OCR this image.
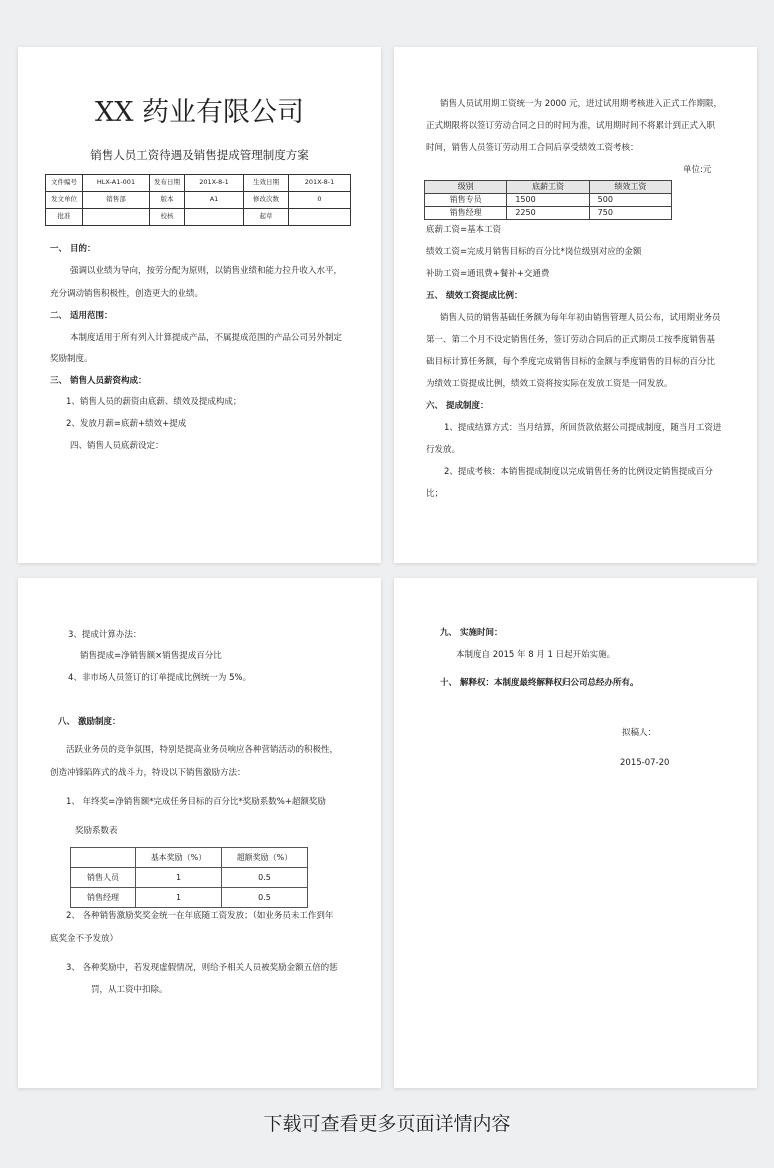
XX 药业有限公司
销售人员工资待遇及销售提成管理制度方案
文件编号	HLX-A1-001	发布日期	201X-8-1	生效日期	201X-8-1
发文单位	销售部	版本	A1	修改次数	0
批准		校核		起草	
一、 目的：
强调以业绩为导向，按劳分配为原则，以销售业绩和能力拉升收入水平，
充分调动销售积极性，创造更大的业绩。
二、 适用范围：
本制度适用于所有列入计算提成产品，不属提成范围的产品公司另外制定
奖励制度。
三、 销售人员薪资构成：
1、销售人员的薪资由底薪、绩效及提成构成；
2、发放月薪=底薪+绩效+提成
四、销售人员底薪设定：
销售人员试用期工资统一为 2000 元，进过试用期考核进入正式工作期限，
正式期限将以签订劳动合同之日的时间为准，试用期时间不将累计到正式入职
时间，销售人员签订劳动用工合同后享受绩效工资考核：
单位:元
级别	底薪工资	绩效工资
销售专员	1500	500
销售经理	2250	750
底薪工资=基本工资
绩效工资=完成月销售目标的百分比*岗位级别对应的金额
补助工资=通讯费+餐补+交通费
五、 绩效工资提成比例：
销售人员的销售基础任务额为每年年初由销售管理人员公布，试用期业务员
第一、第二个月不设定销售任务，签订劳动合同后的正式期员工按季度销售基
础目标计算任务额，每个季度完成销售目标的金额与季度销售的目标的百分比
为绩效工资提成比例，绩效工资将按实际在发放工资是一同发放。
六、 提成制度：
1、提成结算方式：当月结算，所回货款依据公司提成制度，随当月工资进
行发放。
2、提成考核：本销售提成制度以完成销售任务的比例设定销售提成百分
比；
3、提成计算办法：
销售提成=净销售额×销售提成百分比
4、非市场人员签订的订单提成比例统一为 5%。
八、 激励制度：
活跃业务员的竞争氛围，特别是提高业务员响应各种营销活动的积极性，
创造冲锋陷阵式的战斗力，特设以下销售激励方法：
1、 年终奖=净销售额*完成任务目标的百分比*奖励系数%+超额奖励
奖励系数表
	基本奖励（%）	超额奖励（%）
销售人员	1	0.5
销售经理	1	0.5
2、 各种销售激励奖奖金统一在年底随工资发放；（如业务员未工作到年
底奖金不予发放）
3、 各种奖励中，若发现虚假情况，则给予相关人员被奖励金额五倍的惩
罚，从工资中扣除。
九、 实施时间：
本制度自 2015 年 8 月 1 日起开始实施。
十、 解释权：本制度最终解释权归公司总经办所有。
拟稿人：
2015-07-20
下载可查看更多页面详情内容
